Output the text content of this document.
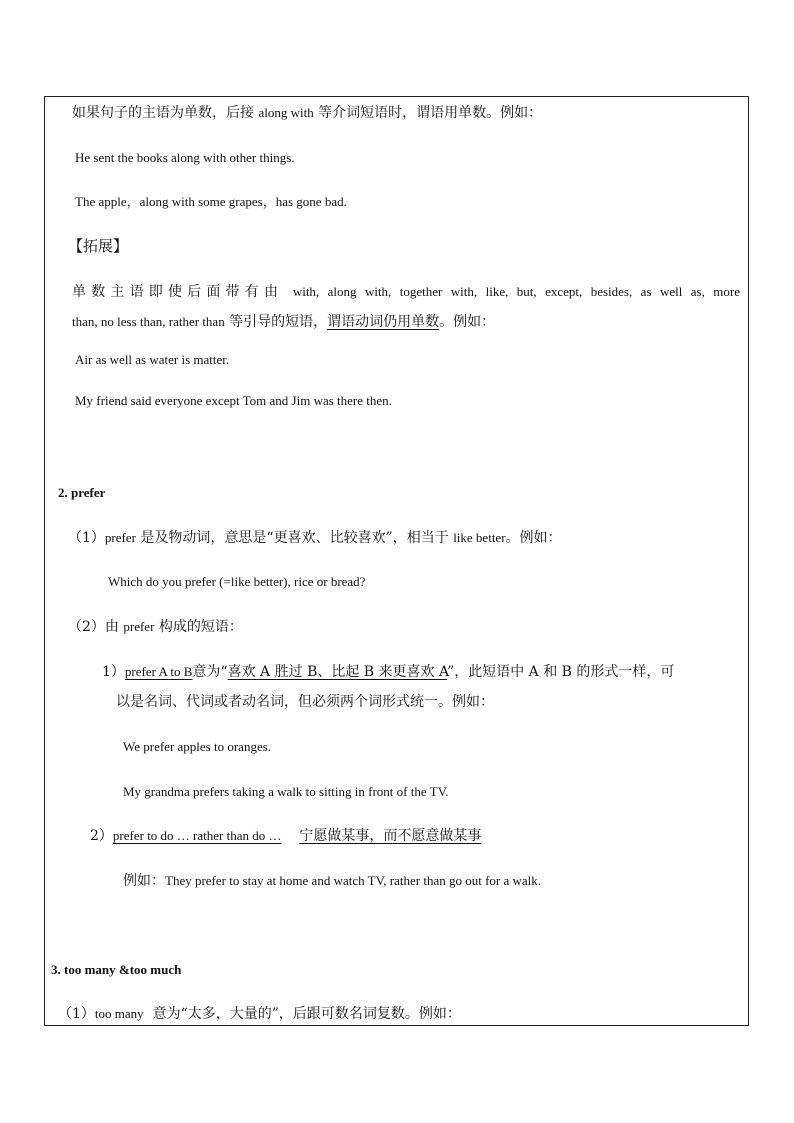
如果句子的主语为单数，后接 along with 等介词短语时，谓语用单数。例如：
He sent the books along with other things.
The apple，along with some grapes，has gone bad.
【拓展】
单数主语即使后面带有由 with, along with, together with, like, but, except, besides, as well as, more
than, no less than, rather than 等引导的短语，谓语动词仍用单数。例如：
Air as well as water is matter.
My friend said everyone except Tom and Jim was there then.
2. prefer
（1）prefer 是及物动词，意思是“更喜欢、比较喜欢”，相当于 like better。例如：
Which do you prefer (=like better), rice or bread?
（2）由 prefer 构成的短语：
1）prefer A to B意为“喜欢 A 胜过 B、比起 B 来更喜欢 A”，此短语中 A 和 B 的形式一样，可
以是名词、代词或者动名词，但必须两个词形式统一。例如：
We prefer apples to oranges.
My grandma prefers taking a walk to sitting in front of the TV.
2）prefer to do … rather than do … 宁愿做某事，而不愿意做某事
例如：They prefer to stay at home and watch TV, rather than go out for a walk.
3. too many &too much
（1）too many 意为“太多，大量的”，后跟可数名词复数。例如：
